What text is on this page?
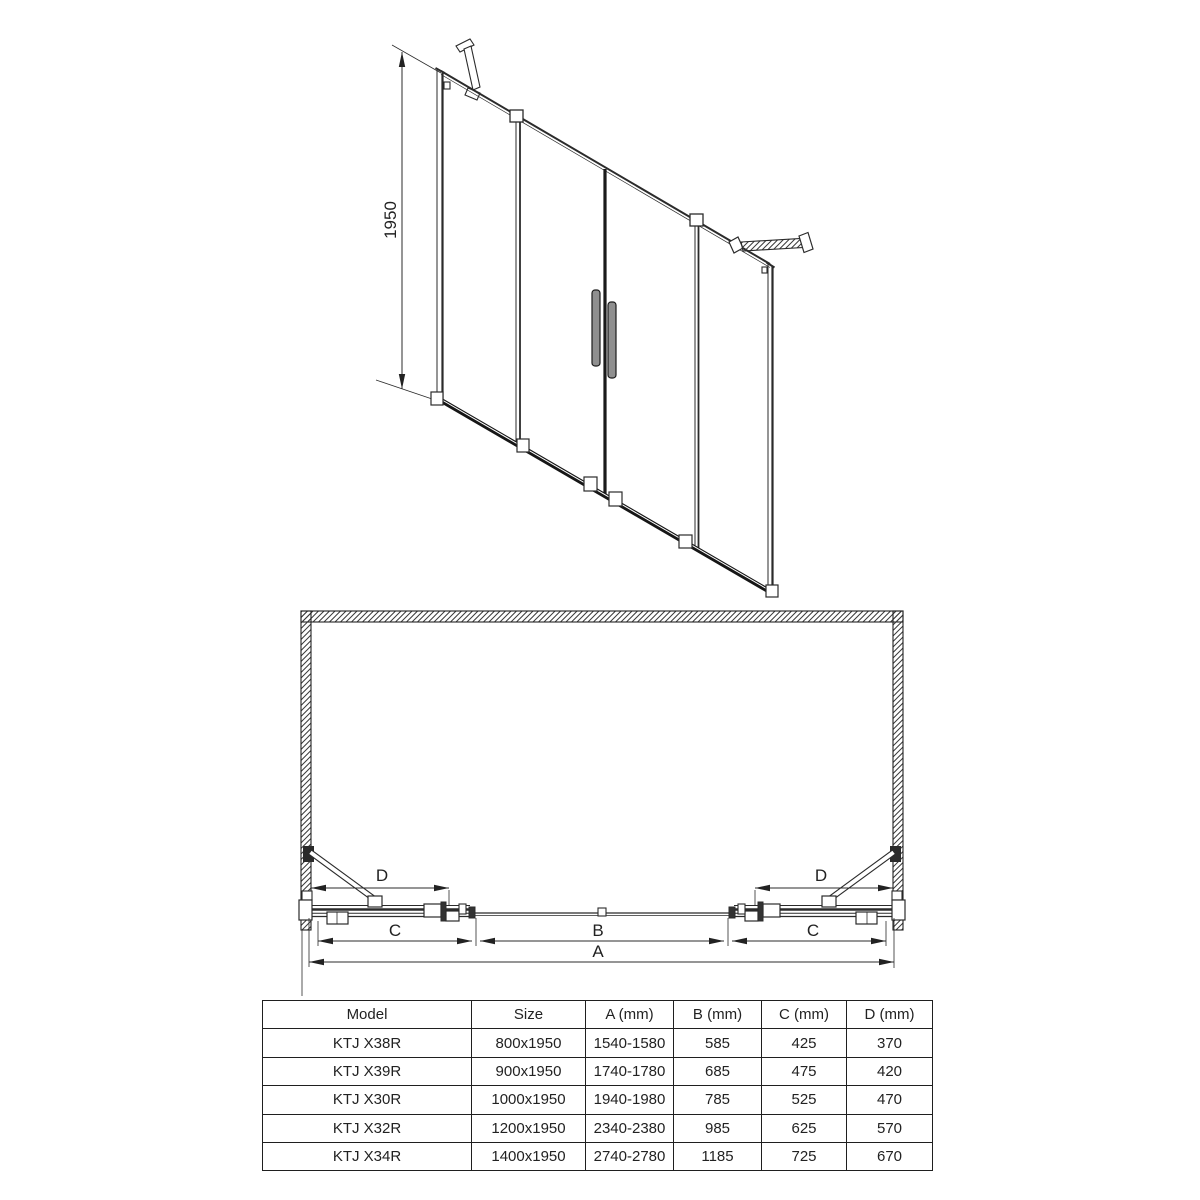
1950
D	D
C	B	C
A
Model	Size	A (mm)	B (mm)	C (mm)	D (mm)
KTJ X38R	800x1950	1540-1580	585	425	370
KTJ X39R	900x1950	1740-1780	685	475	420
KTJ X30R	1000x1950	1940-1980	785	525	470
KTJ X32R	1200x1950	2340-2380	985	625	570
KTJ X34R	1400x1950	2740-2780	1185	725	670
